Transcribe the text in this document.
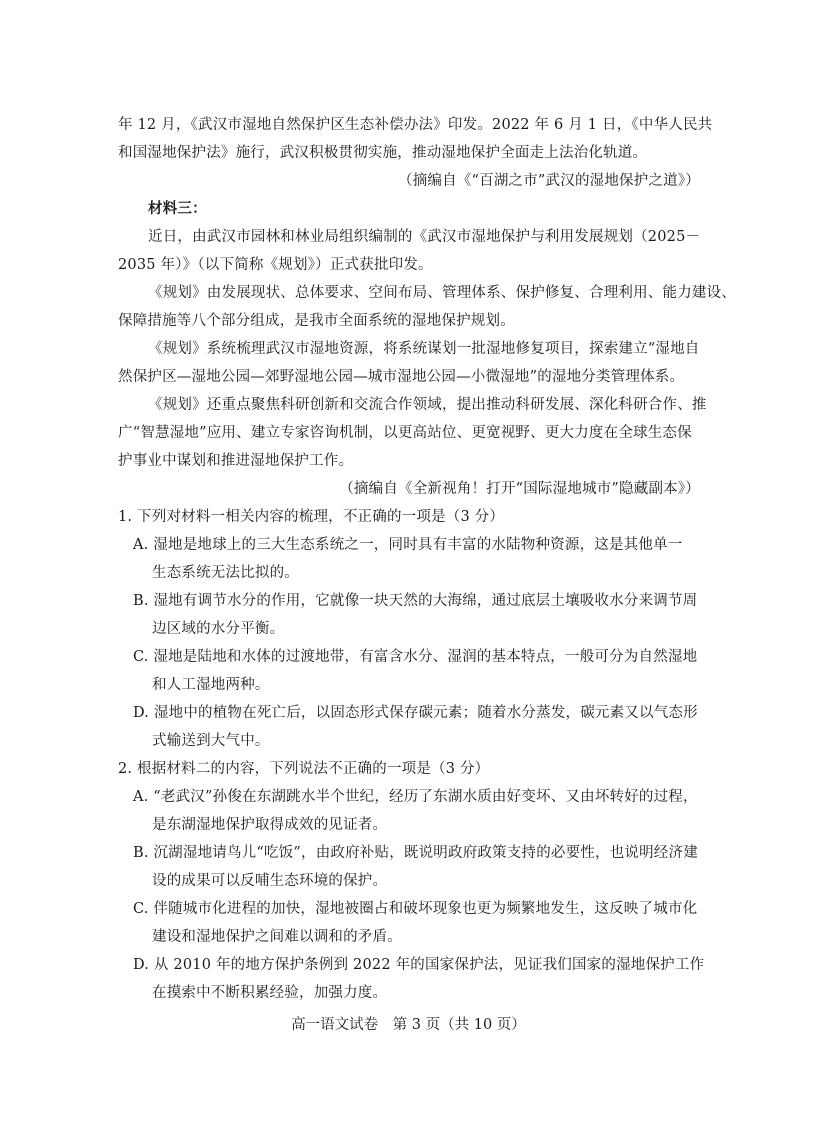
年 12 月，《武汉市湿地自然保护区生态补偿办法》印发。2022 年 6 月 1 日，《中华人民共
和国湿地保护法》施行，武汉积极贯彻实施，推动湿地保护全面走上法治化轨道。
（摘编自《“百湖之市”武汉的湿地保护之道》）
材料三：
近日，由武汉市园林和林业局组织编制的《武汉市湿地保护与利用发展规划（2025－
2035 年）》（以下简称《规划》）正式获批印发。
《规划》由发展现状、总体要求、空间布局、管理体系、保护修复、合理利用、能力建设、
保障措施等八个部分组成，是我市全面系统的湿地保护规划。
《规划》系统梳理武汉市湿地资源，将系统谋划一批湿地修复项目，探索建立“湿地自
然保护区—湿地公园—郊野湿地公园—城市湿地公园—小微湿地”的湿地分类管理体系。
《规划》还重点聚焦科研创新和交流合作领域，提出推动科研发展、深化科研合作、推
广“智慧湿地”应用、建立专家咨询机制，以更高站位、更宽视野、更大力度在全球生态保
护事业中谋划和推进湿地保护工作。
（摘编自《全新视角！打开“国际湿地城市”隐藏副本》）
1. 下列对材料一相关内容的梳理，不正确的一项是（3 分）
A. 湿地是地球上的三大生态系统之一，同时具有丰富的水陆物种资源，这是其他单一
生态系统无法比拟的。
B. 湿地有调节水分的作用，它就像一块天然的大海绵，通过底层土壤吸收水分来调节周
边区域的水分平衡。
C. 湿地是陆地和水体的过渡地带，有富含水分、湿润的基本特点，一般可分为自然湿地
和人工湿地两种。
D. 湿地中的植物在死亡后，以固态形式保存碳元素；随着水分蒸发，碳元素又以气态形
式输送到大气中。
2. 根据材料二的内容，下列说法不正确的一项是（3 分）
A. “老武汉”孙俊在东湖跳水半个世纪，经历了东湖水质由好变坏、又由坏转好的过程，
是东湖湿地保护取得成效的见证者。
B. 沉湖湿地请鸟儿“吃饭”，由政府补贴，既说明政府政策支持的必要性，也说明经济建
设的成果可以反哺生态环境的保护。
C. 伴随城市化进程的加快，湿地被圈占和破坏现象也更为频繁地发生，这反映了城市化
建设和湿地保护之间难以调和的矛盾。
D. 从 2010 年的地方保护条例到 2022 年的国家保护法，见证我们国家的湿地保护工作
在摸索中不断积累经验，加强力度。
高一语文试卷　第 3 页（共 10 页）
